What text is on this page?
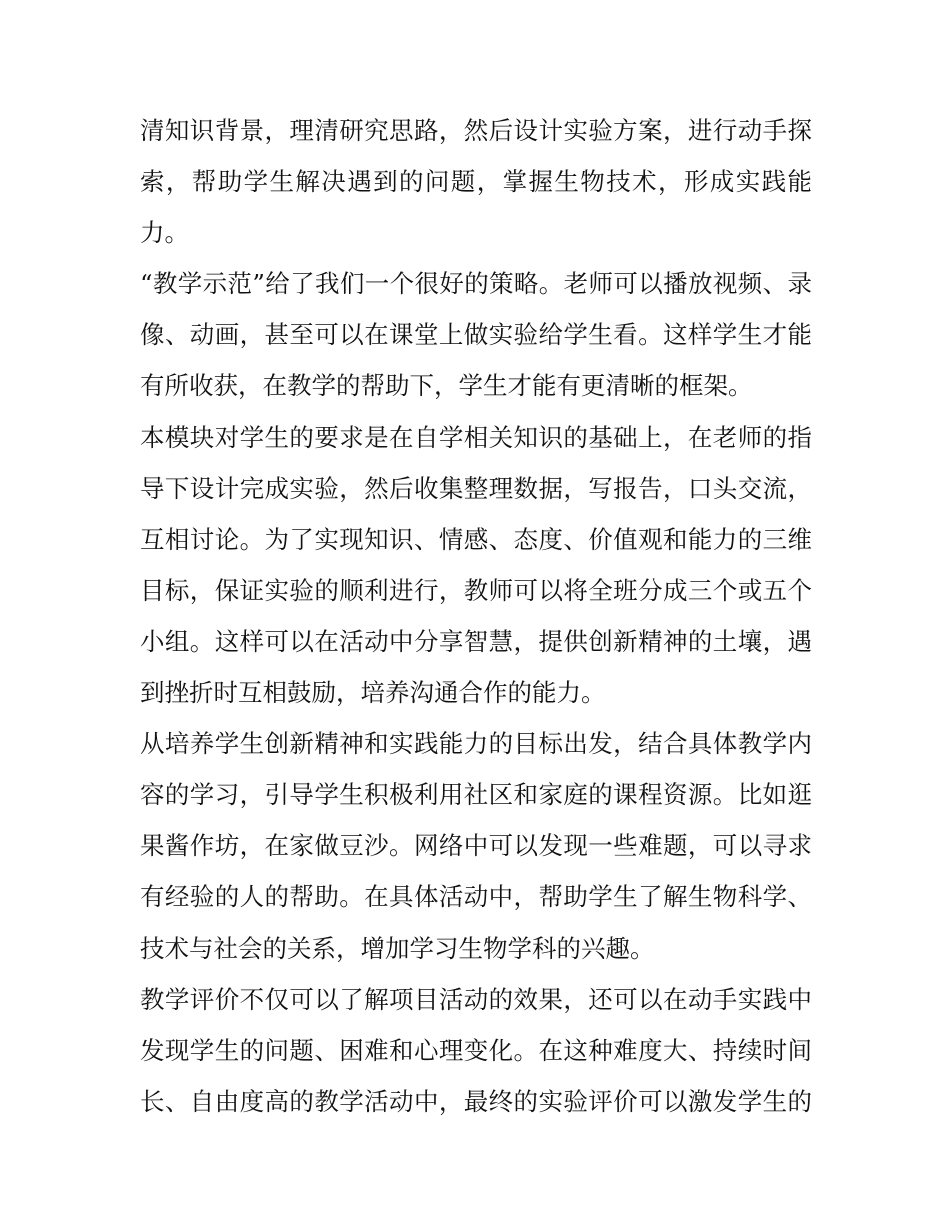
清知识背景，理清研究思路，然后设计实验方案，进行动手探
索，帮助学生解决遇到的问题，掌握生物技术，形成实践能
力。
“教学示范”给了我们一个很好的策略。老师可以播放视频、录
像、动画，甚至可以在课堂上做实验给学生看。这样学生才能
有所收获，在教学的帮助下，学生才能有更清晰的框架。
本模块对学生的要求是在自学相关知识的基础上，在老师的指
导下设计完成实验，然后收集整理数据，写报告，口头交流，
互相讨论。为了实现知识、情感、态度、价值观和能力的三维
目标，保证实验的顺利进行，教师可以将全班分成三个或五个
小组。这样可以在活动中分享智慧，提供创新精神的土壤，遇
到挫折时互相鼓励，培养沟通合作的能力。
从培养学生创新精神和实践能力的目标出发，结合具体教学内
容的学习，引导学生积极利用社区和家庭的课程资源。比如逛
果酱作坊，在家做豆沙。网络中可以发现一些难题，可以寻求
有经验的人的帮助。在具体活动中，帮助学生了解生物科学、
技术与社会的关系，增加学习生物学科的兴趣。
教学评价不仅可以了解项目活动的效果，还可以在动手实践中
发现学生的问题、困难和心理变化。在这种难度大、持续时间
长、自由度高的教学活动中，最终的实验评价可以激发学生的
